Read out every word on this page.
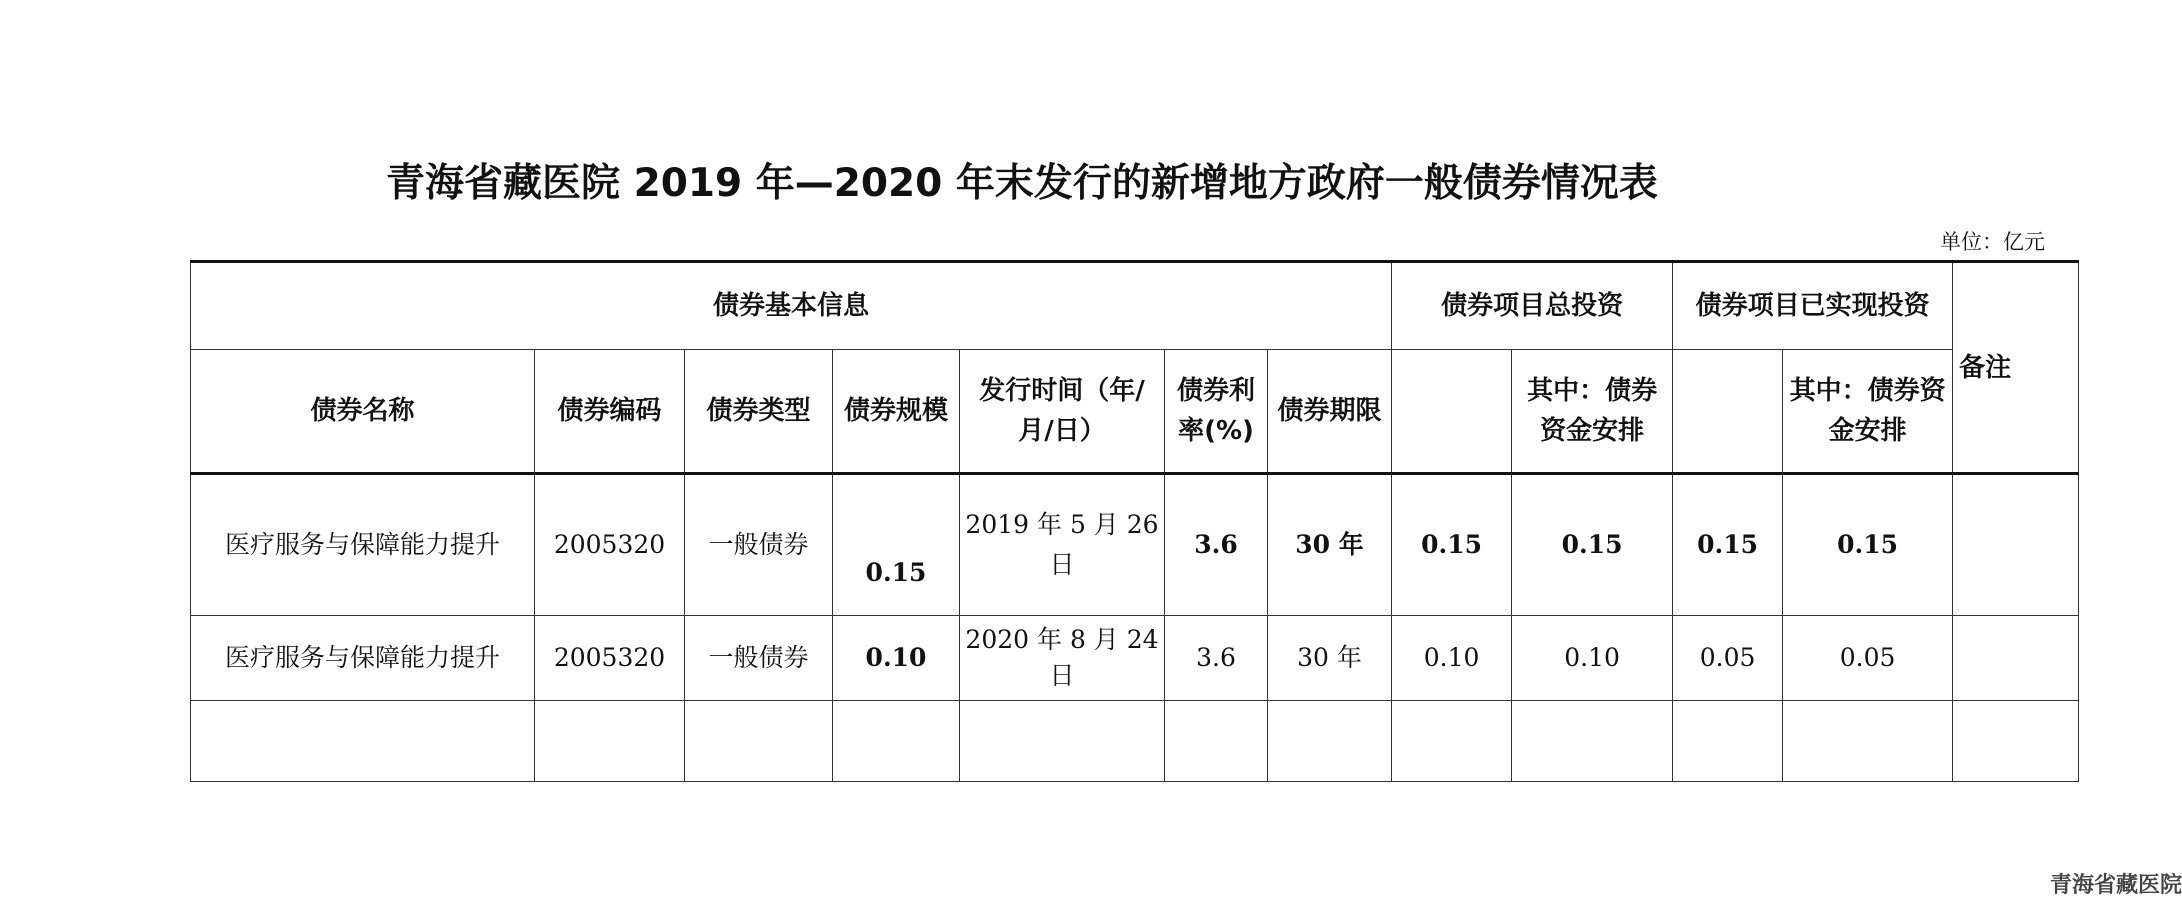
青海省藏医院 2019 年—2020 年末发行的新增地方政府一般债券情况表
单位：亿元
债券基本信息							债券项目总投资		债券项目已实现投资		备注
债券名称	债券编码	债券类型	债券规模	发行时间（年/月/日）	债券利率(%)	债券期限		其中：债券资金安排		其中：债券资金安排	
医疗服务与保障能力提升	2005320	一般债券	0.15	2019 年 5 月 26 日	3.6	30 年	0.15	0.15	0.15	0.15	
医疗服务与保障能力提升	2005320	一般债券	0.10	2020 年 8 月 24 日	3.6	30 年	0.10	0.10	0.05	0.05	

青海省藏医院
